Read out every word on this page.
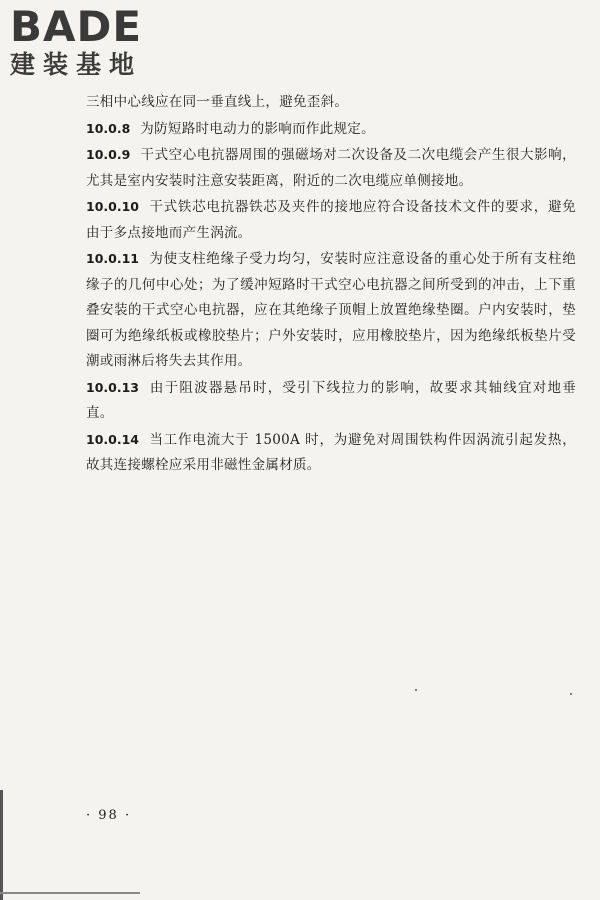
BADE
建装基地

三相中心线应在同一垂直线上，避免歪斜。

10.0.8 为防短路时电动力的影响而作此规定。

10.0.9 干式空心电抗器周围的强磁场对二次设备及二次电缆会产生很大影响，尤其是室内安装时注意安装距离，附近的二次电缆应单侧接地。

10.0.10 干式铁芯电抗器铁芯及夹件的接地应符合设备技术文件的要求，避免由于多点接地而产生涡流。

10.0.11 为使支柱绝缘子受力均匀，安装时应注意设备的重心处于所有支柱绝缘子的几何中心处；为了缓冲短路时干式空心电抗器之间所受到的冲击，上下重叠安装的干式空心电抗器，应在其绝缘子顶帽上放置绝缘垫圈。户内安装时，垫圈可为绝缘纸板或橡胶垫片；户外安装时，应用橡胶垫片，因为绝缘纸板垫片受潮或雨淋后将失去其作用。

10.0.13 由于阻波器悬吊时，受引下线拉力的影响，故要求其轴线宜对地垂直。

10.0.14 当工作电流大于 1500A 时，为避免对周围铁构件因涡流引起发热，故其连接螺栓应采用非磁性金属材质。

· 98 ·
